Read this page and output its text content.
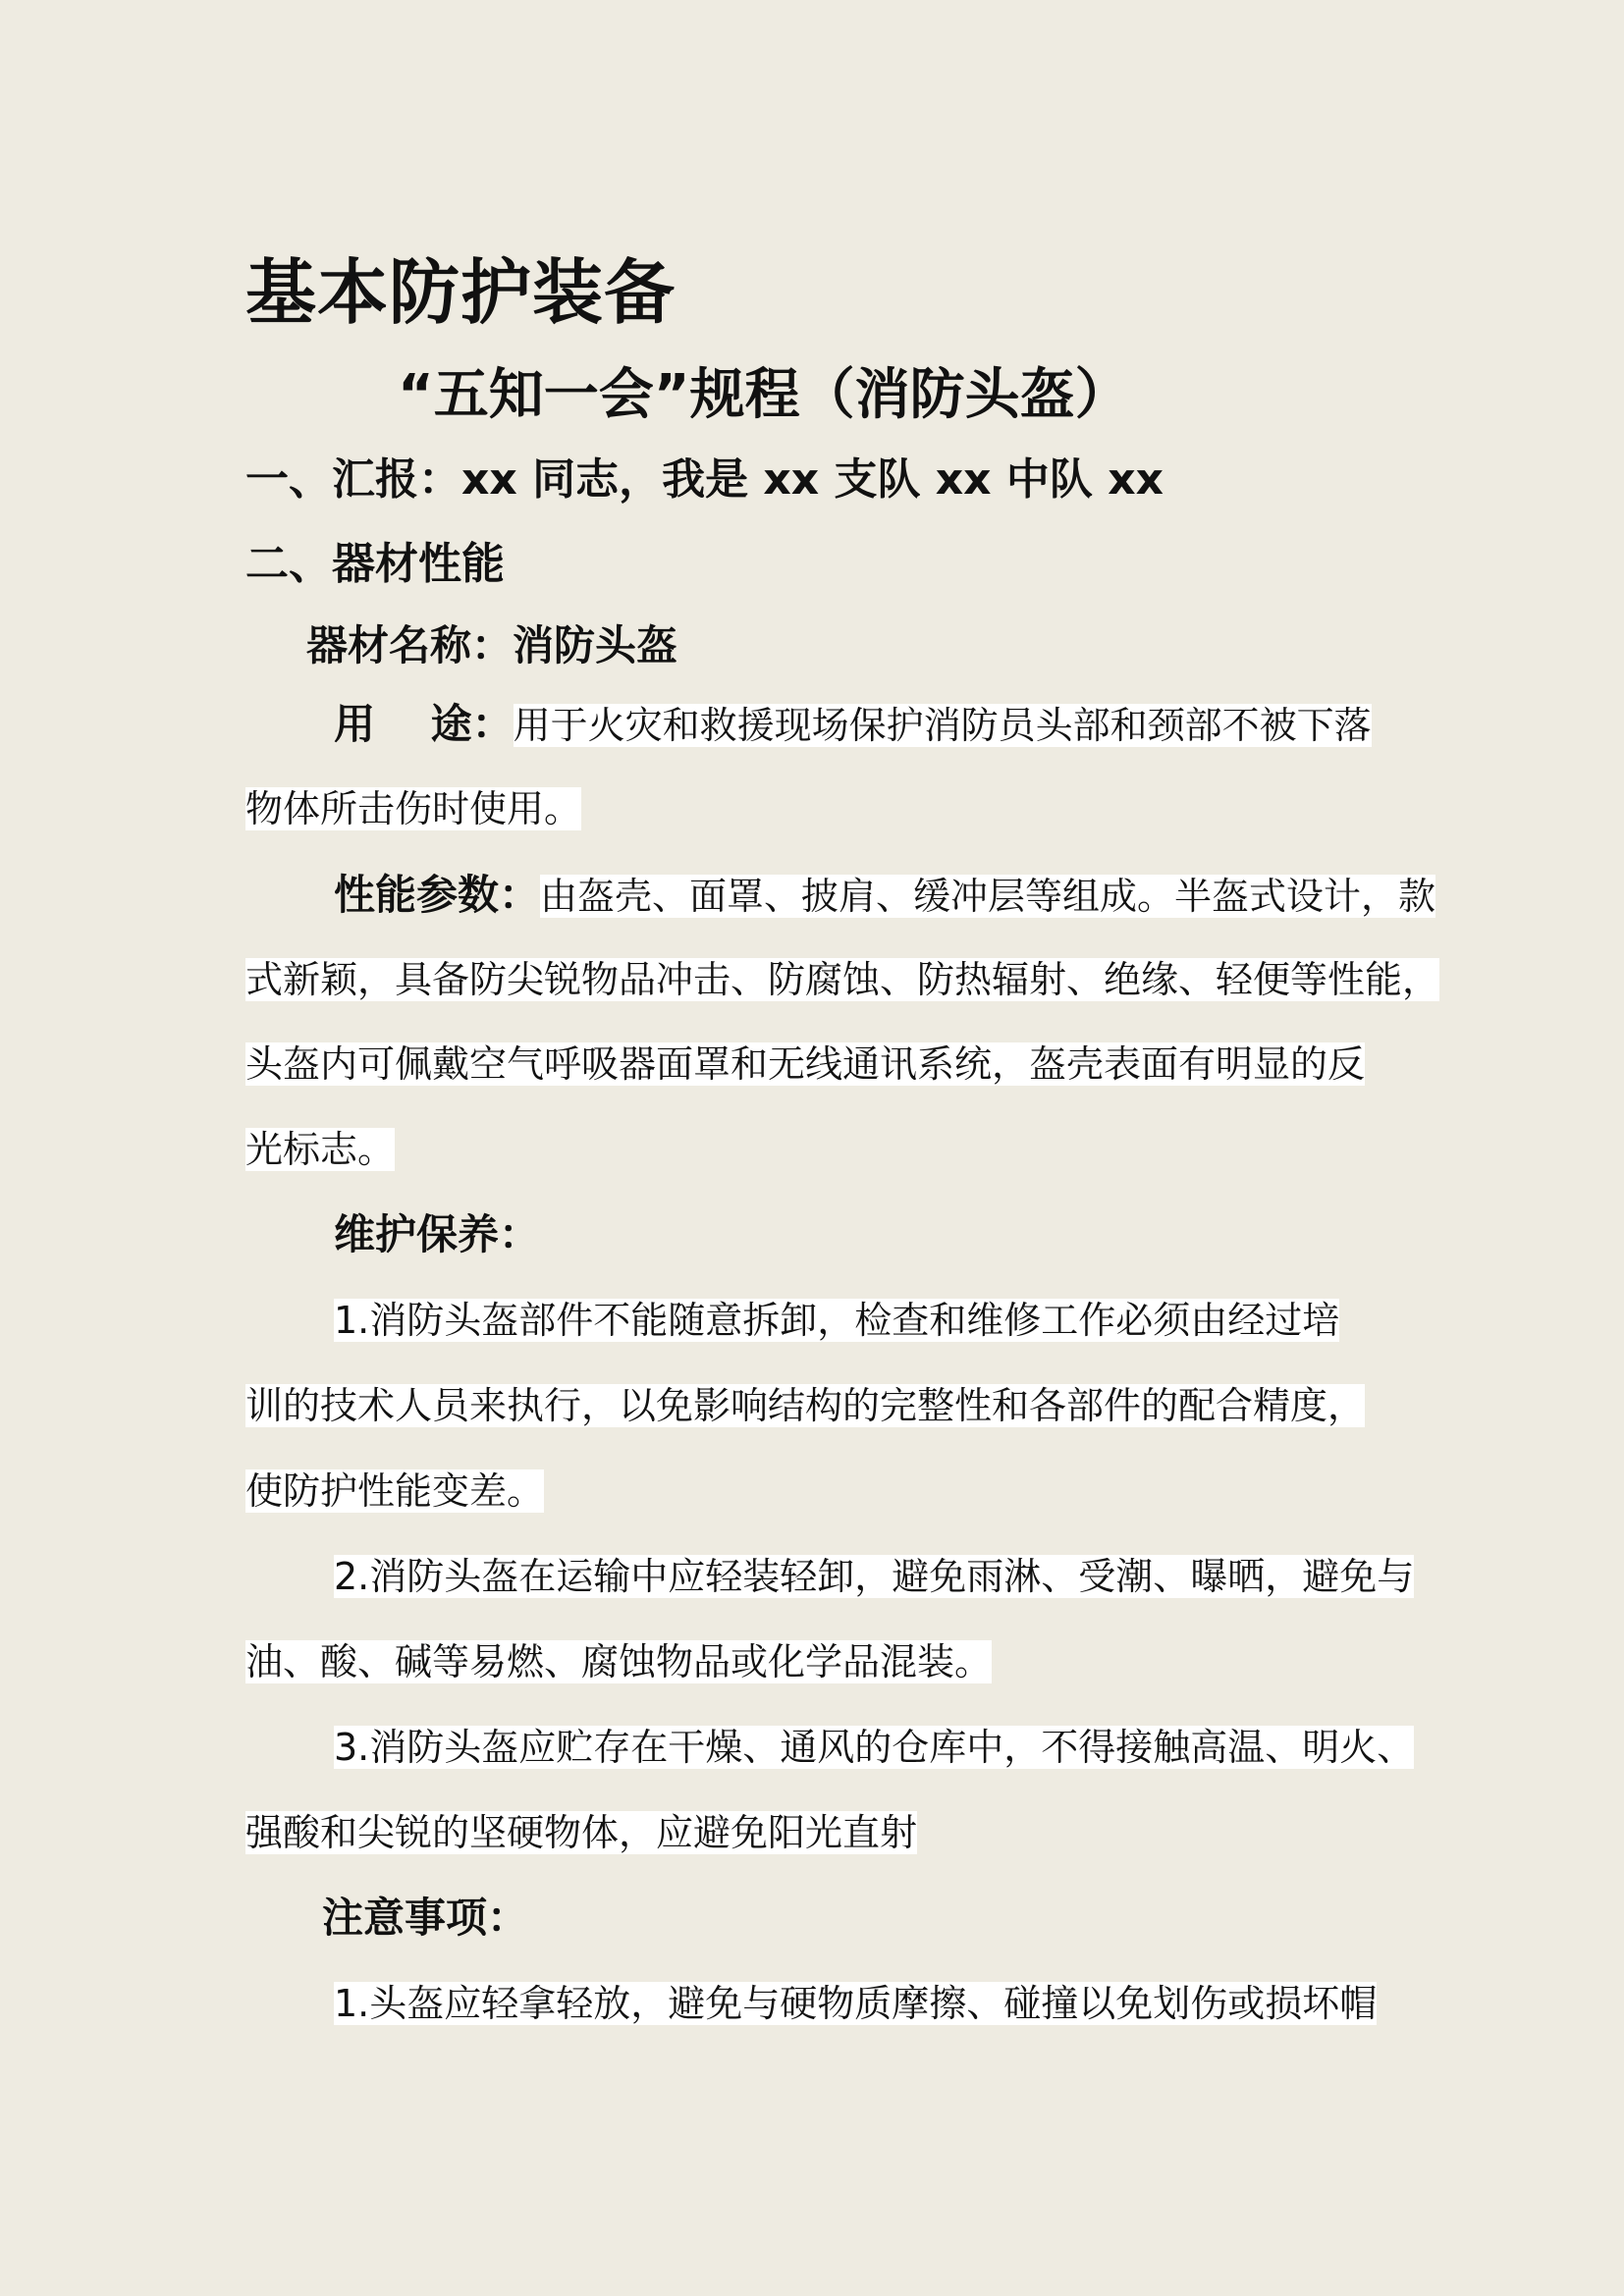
基本防护装备
“五知一会”规程（消防头盔）
一、汇报：xx 同志，我是 xx 支队 xx 中队 xx
二、器材性能
器材名称：消防头盔
用　 途：用于火灾和救援现场保护消防员头部和颈部不被下落
物体所击伤时使用。
性能参数：由盔壳、面罩、披肩、缓冲层等组成。半盔式设计，款
式新颖，具备防尖锐物品冲击、防腐蚀、防热辐射、绝缘、轻便等性能，
头盔内可佩戴空气呼吸器面罩和无线通讯系统，盔壳表面有明显的反
光标志。
维护保养：
1.消防头盔部件不能随意拆卸，检查和维修工作必须由经过培
训的技术人员来执行，以免影响结构的完整性和各部件的配合精度，
使防护性能变差。
2.消防头盔在运输中应轻装轻卸，避免雨淋、受潮、曝晒，避免与
油、酸、碱等易燃、腐蚀物品或化学品混装。
3.消防头盔应贮存在干燥、通风的仓库中，不得接触高温、明火、
强酸和尖锐的坚硬物体，应避免阳光直射
注意事项：
1.头盔应轻拿轻放，避免与硬物质摩擦、碰撞以免划伤或损坏帽
